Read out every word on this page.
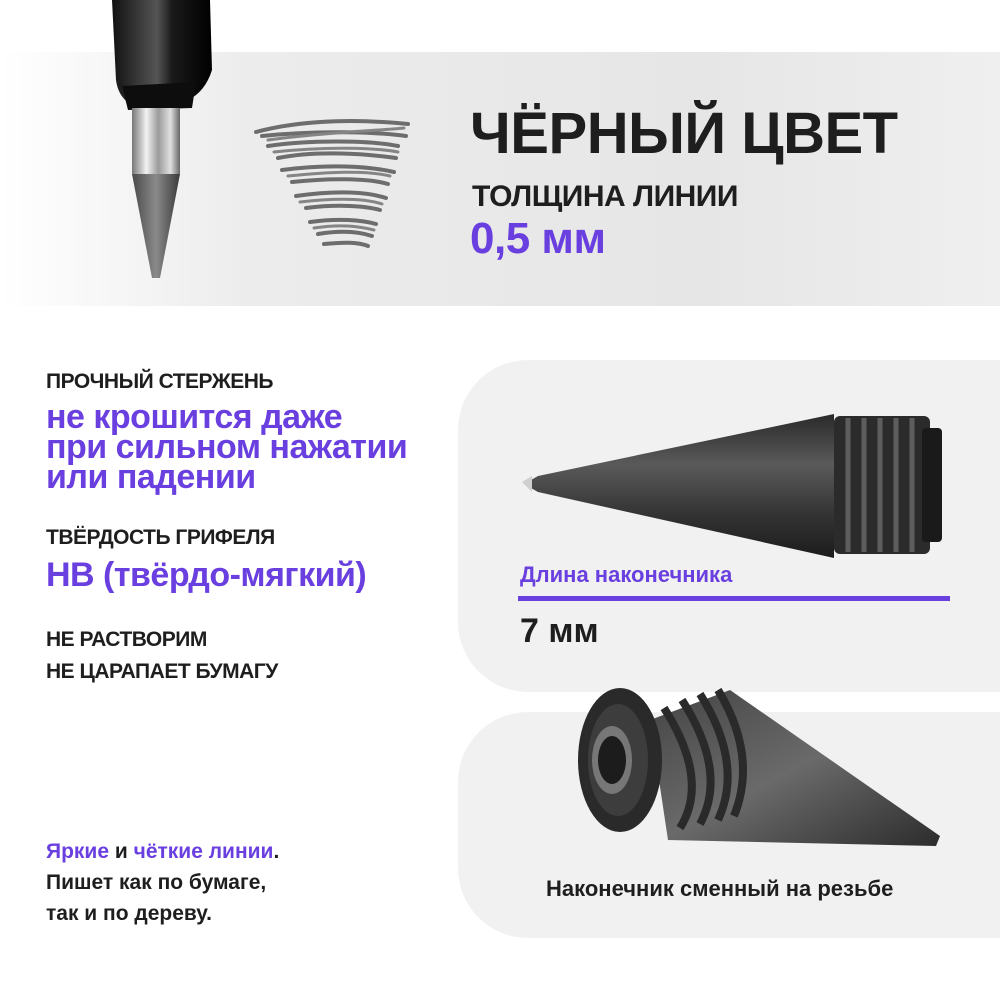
ЧЁРНЫЙ ЦВЕТ
ТОЛЩИНА ЛИНИИ
0,5 мм
ПРОЧНЫЙ СТЕРЖЕНЬ
не крошится даже
при сильном нажатии
или падении
ТВЁРДОСТЬ ГРИФЕЛЯ
HB (твёрдо-мягкий)
НЕ РАСТВОРИМ
НЕ ЦАРАПАЕТ БУМАГУ
Яркие и чёткие линии.
Пишет как по бумаге,
так и по дереву.
Длина наконечника
7 мм
Наконечник сменный на резьбе
